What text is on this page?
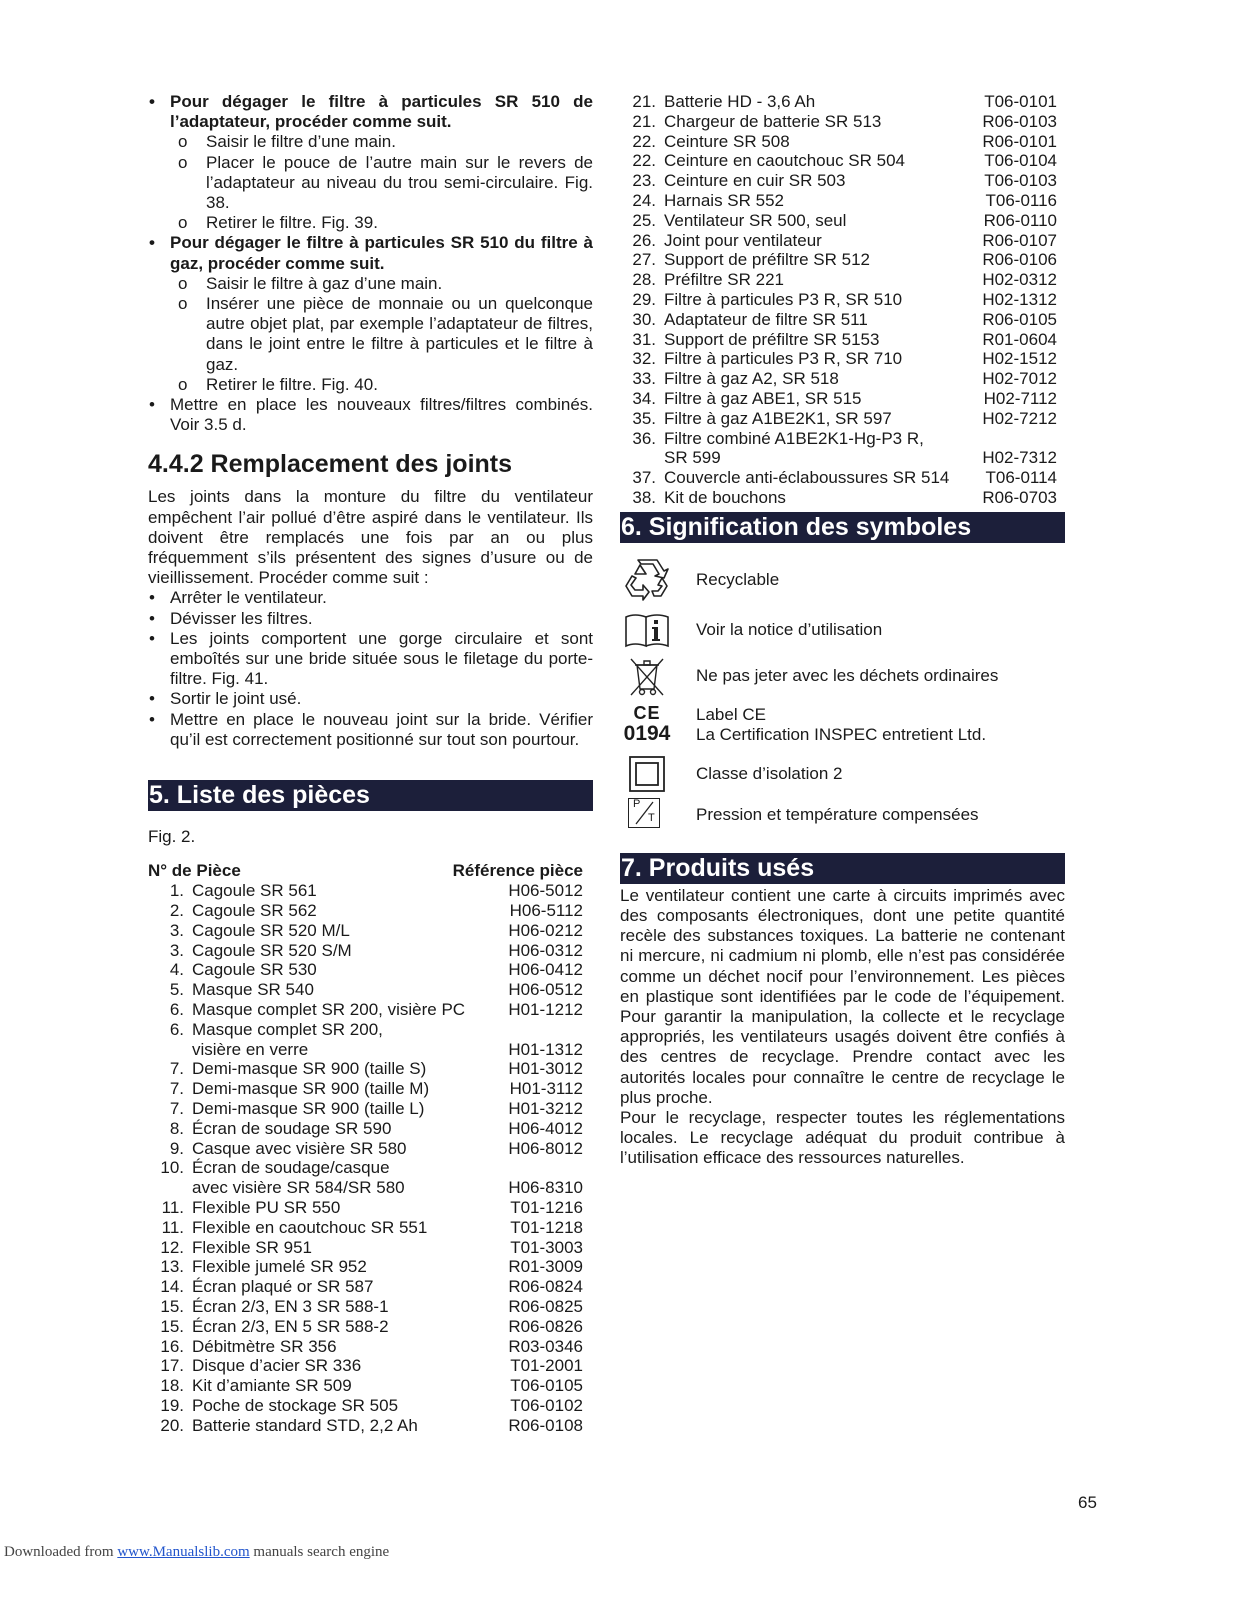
• Pour dégager le filtre à particules SR 510 de l’adaptateur, procéder comme suit.
o Saisir le filtre d’une main.
o Placer le pouce de l’autre main sur le revers de l’adaptateur au niveau du trou semi-circulaire. Fig. 38.
o Retirer le filtre. Fig. 39.
• Pour dégager le filtre à particules SR 510 du filtre à gaz, procéder comme suit.
o Saisir le filtre à gaz d’une main.
o Insérer une pièce de monnaie ou un quelconque autre objet plat, par exemple l’adaptateur de filtres, dans le joint entre le filtre à particules et le filtre à gaz.
o Retirer le filtre. Fig. 40.
• Mettre en place les nouveaux filtres/filtres combinés. Voir 3.5 d.
4.4.2 Remplacement des joints
Les joints dans la monture du filtre du ventilateur empêchent l’air pollué d’être aspiré dans le ventilateur. Ils doivent être remplacés une fois par an ou plus fréquemment s’ils présentent des signes d’usure ou de vieillissement. Procéder comme suit :
• Arrêter le ventilateur.
• Dévisser les filtres.
• Les joints comportent une gorge circulaire et sont emboîtés sur une bride située sous le filetage du porte-filtre. Fig. 41.
• Sortir le joint usé.
• Mettre en place le nouveau joint sur la bride. Vérifier qu’il est correctement positionné sur tout son pourtour.
5. Liste des pièces
Fig. 2.
N° de Pièce	Référence pièce
1. Cagoule SR 561	H06-5012
2. Cagoule SR 562	H06-5112
3. Cagoule SR 520 M/L	H06-0212
3. Cagoule SR 520 S/M	H06-0312
4. Cagoule SR 530	H06-0412
5. Masque SR 540	H06-0512
6. Masque complet SR 200, visière PC	H01-1212
6. Masque complet SR 200,
visière en verre	H01-1312
7. Demi-masque SR 900 (taille S)	H01-3012
7. Demi-masque SR 900 (taille M)	H01-3112
7. Demi-masque SR 900 (taille L)	H01-3212
8. Écran de soudage SR 590	H06-4012
9. Casque avec visière SR 580	H06-8012
10. Écran de soudage/casque
avec visière SR 584/SR 580	H06-8310
11. Flexible PU SR 550	T01-1216
11. Flexible en caoutchouc SR 551	T01-1218
12. Flexible SR 951	T01-3003
13. Flexible jumelé SR 952	R01-3009
14. Écran plaqué or SR 587	R06-0824
15. Écran 2/3, EN 3 SR 588-1	R06-0825
15. Écran 2/3, EN 5 SR 588-2	R06-0826
16. Débitmètre SR 356	R03-0346
17. Disque d’acier SR 336	T01-2001
18. Kit d’amiante SR 509	T06-0105
19. Poche de stockage SR 505	T06-0102
20. Batterie standard STD, 2,2 Ah	R06-0108
21. Batterie HD - 3,6 Ah	T06-0101
21. Chargeur de batterie SR 513	R06-0103
22. Ceinture SR 508	R06-0101
22. Ceinture en caoutchouc SR 504	T06-0104
23. Ceinture en cuir SR 503	T06-0103
24. Harnais SR 552	T06-0116
25. Ventilateur SR 500, seul	R06-0110
26. Joint pour ventilateur	R06-0107
27. Support de préfiltre SR 512	R06-0106
28. Préfiltre SR 221	H02-0312
29. Filtre à particules P3 R, SR 510	H02-1312
30. Adaptateur de filtre SR 511	R06-0105
31. Support de préfiltre SR 5153	R01-0604
32. Filtre à particules P3 R, SR 710	H02-1512
33. Filtre à gaz A2, SR 518	H02-7012
34. Filtre à gaz ABE1, SR 515	H02-7112
35. Filtre à gaz A1BE2K1, SR 597	H02-7212
36. Filtre combiné A1BE2K1-Hg-P3 R,
SR 599	H02-7312
37. Couvercle anti-éclaboussures SR 514	T06-0114
38. Kit de bouchons	R06-0703
6. Signification des symboles
Recyclable
Voir la notice d’utilisation
Ne pas jeter avec les déchets ordinaires
CE
0194
Label CE
La Certification INSPEC entretient Ltd.
Classe d’isolation 2
P
T	Pression et température compensées
7. Produits usés
Le ventilateur contient une carte à circuits imprimés avec des composants électroniques, dont une petite quantité recèle des substances toxiques. La batterie ne contenant ni mercure, ni cadmium ni plomb, elle n’est pas considérée comme un déchet nocif pour l’environnement. Les pièces en plastique sont identifiées par le code de l’équipement. Pour garantir la manipulation, la collecte et le recyclage appropriés, les ventilateurs usagés doivent être confiés à des centres de recyclage. Prendre contact avec les autorités locales pour connaître le centre de recyclage le plus proche.
Pour le recyclage, respecter toutes les réglementations locales. Le recyclage adéquat du produit contribue à l’utilisation efficace des ressources naturelles.
65
Downloaded from www.Manualslib.com manuals search engine
